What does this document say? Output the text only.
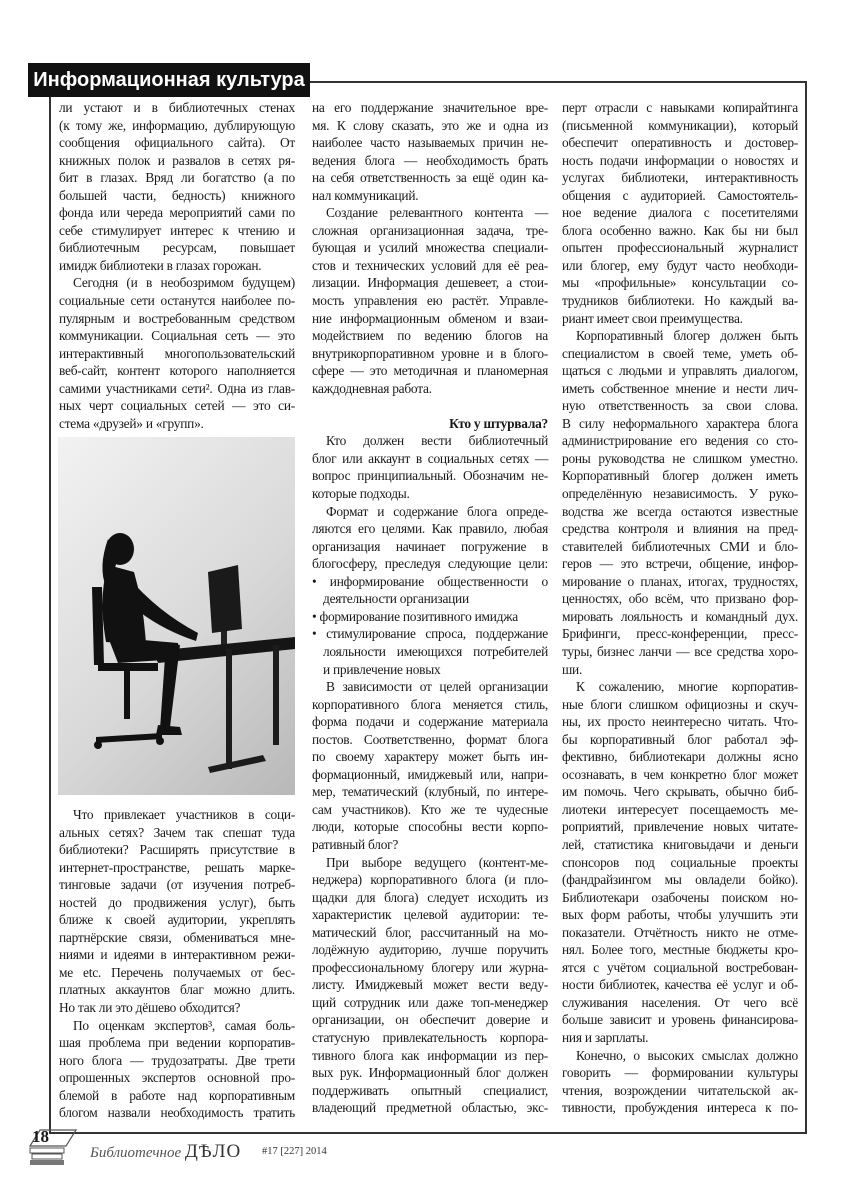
Информационная культура
ли устают и в библиотечных стенах
(к тому же, информацию, дублирующую
сообщения официального сайта). От
книжных полок и развалов в сетях ря-
бит в глазах. Вряд ли богатство (а по
большей части, бедность) книжного
фонда или череда мероприятий сами по
себе стимулирует интерес к чтению и
библиотечным ресурсам, повышает
имидж библиотеки в глазах горожан.
Сегодня (и в необозримом будущем)
социальные сети останутся наиболее по-
пулярным и востребованным средством
коммуникации. Социальная сеть — это
интерактивный многопользовательский
веб-сайт, контент которого наполняется
самими участниками сети². Одна из глав-
ных черт социальных сетей — это си-
стема «друзей» и «групп».
Что привлекает участников в соци-
альных сетях? Зачем так спешат туда
библиотеки? Расширять присутствие в
интернет-пространстве, решать марке-
тинговые задачи (от изучения потреб-
ностей до продвижения услуг), быть
ближе к своей аудитории, укреплять
партнёрские связи, обмениваться мне-
ниями и идеями в интерактивном режи-
ме etc. Перечень получаемых от бес-
платных аккаунтов благ можно длить.
Но так ли это дёшево обходится?
По оценкам экспертов³, самая боль-
шая проблема при ведении корпоратив-
ного блога — трудозатраты. Две трети
опрошенных экспертов основной про-
блемой в работе над корпоративным
блогом назвали необходимость тратить
на его поддержание значительное вре-
мя. К слову сказать, это же и одна из
наиболее часто называемых причин не-
ведения блога — необходимость брать
на себя ответственность за ещё один ка-
нал коммуникаций.
Создание релевантного контента —
сложная организационная задача, тре-
бующая и усилий множества специали-
стов и технических условий для её реа-
лизации. Информация дешевеет, а стои-
мость управления ею растёт. Управле-
ние информационным обменом и взаи-
модействием по ведению блогов на
внутрикорпоративном уровне и в блого-
сфере — это методичная и планомерная
каждодневная работа.
Кто у штурвала?
Кто должен вести библиотечный
блог или аккаунт в социальных сетях —
вопрос принципиальный. Обозначим не-
которые подходы.
Формат и содержание блога опреде-
ляются его целями. Как правило, любая
организация начинает погружение в
блогосферу, преследуя следующие цели:
• информирование общественности о
деятельности организации
• формирование позитивного имиджа
• стимулирование спроса, поддержание
лояльности имеющихся потребителей
и привлечение новых
В зависимости от целей организации
корпоративного блога меняется стиль,
форма подачи и содержание материала
постов. Соответственно, формат блога
по своему характеру может быть ин-
формационный, имиджевый или, напри-
мер, тематический (клубный, по интере-
сам участников). Кто же те чудесные
люди, которые способны вести корпо-
ративный блог?
При выборе ведущего (контент-ме-
неджера) корпоративного блога (и пло-
щадки для блога) следует исходить из
характеристик целевой аудитории: те-
матический блог, рассчитанный на мо-
лодёжную аудиторию, лучше поручить
профессиональному блогеру или журна-
листу. Имиджевый может вести веду-
щий сотрудник или даже топ-менеджер
организации, он обеспечит доверие и
статусную привлекательность корпора-
тивного блога как информации из пер-
вых рук. Информационный блог должен
поддерживать опытный специалист,
владеющий предметной областью, экс-
перт отрасли с навыками копирайтинга
(письменной коммуникации), который
обеспечит оперативность и достовер-
ность подачи информации о новостях и
услугах библиотеки, интерактивность
общения с аудиторией. Самостоятель-
ное ведение диалога с посетителями
блога особенно важно. Как бы ни был
опытен профессиональный журналист
или блогер, ему будут часто необходи-
мы «профильные» консультации со-
трудников библиотеки. Но каждый ва-
риант имеет свои преимущества.
Корпоративный блогер должен быть
специалистом в своей теме, уметь об-
щаться с людьми и управлять диалогом,
иметь собственное мнение и нести лич-
ную ответственность за свои слова.
В силу неформального характера блога
администрирование его ведения со сто-
роны руководства не слишком уместно.
Корпоративный блогер должен иметь
определённую независимость. У руко-
водства же всегда остаются известные
средства контроля и влияния на пред-
ставителей библиотечных СМИ и бло-
геров — это встречи, общение, инфор-
мирование о планах, итогах, трудностях,
ценностях, обо всём, что призвано фор-
мировать лояльность и командный дух.
Брифинги, пресс-конференции, пресс-
туры, бизнес ланчи — все средства хоро-
ши.
К сожалению, многие корпоратив-
ные блоги слишком официозны и скуч-
ны, их просто неинтересно читать. Что-
бы корпоративный блог работал эф-
фективно, библиотекари должны ясно
осознавать, в чем конкретно блог может
им помочь. Чего скрывать, обычно биб-
лиотеки интересует посещаемость ме-
роприятий, привлечение новых читате-
лей, статистика книговыдачи и деньги
спонсоров под социальные проекты
(фандрайзингом мы овладели бойко).
Библиотекари озабочены поиском но-
вых форм работы, чтобы улучшить эти
показатели. Отчётность никто не отме-
нял. Более того, местные бюджеты кро-
ятся с учётом социальной востребован-
ности библиотек, качества её услуг и об-
служивания населения. От чего всё
больше зависит и уровень финансирова-
ния и зарплаты.
Конечно, о высоких смыслах должно
говорить — формировании культуры
чтения, возрождении читательской ак-
тивности, пробуждения интереса к по-
18
Библиотечное ДѢЛО #17 [227] 2014
